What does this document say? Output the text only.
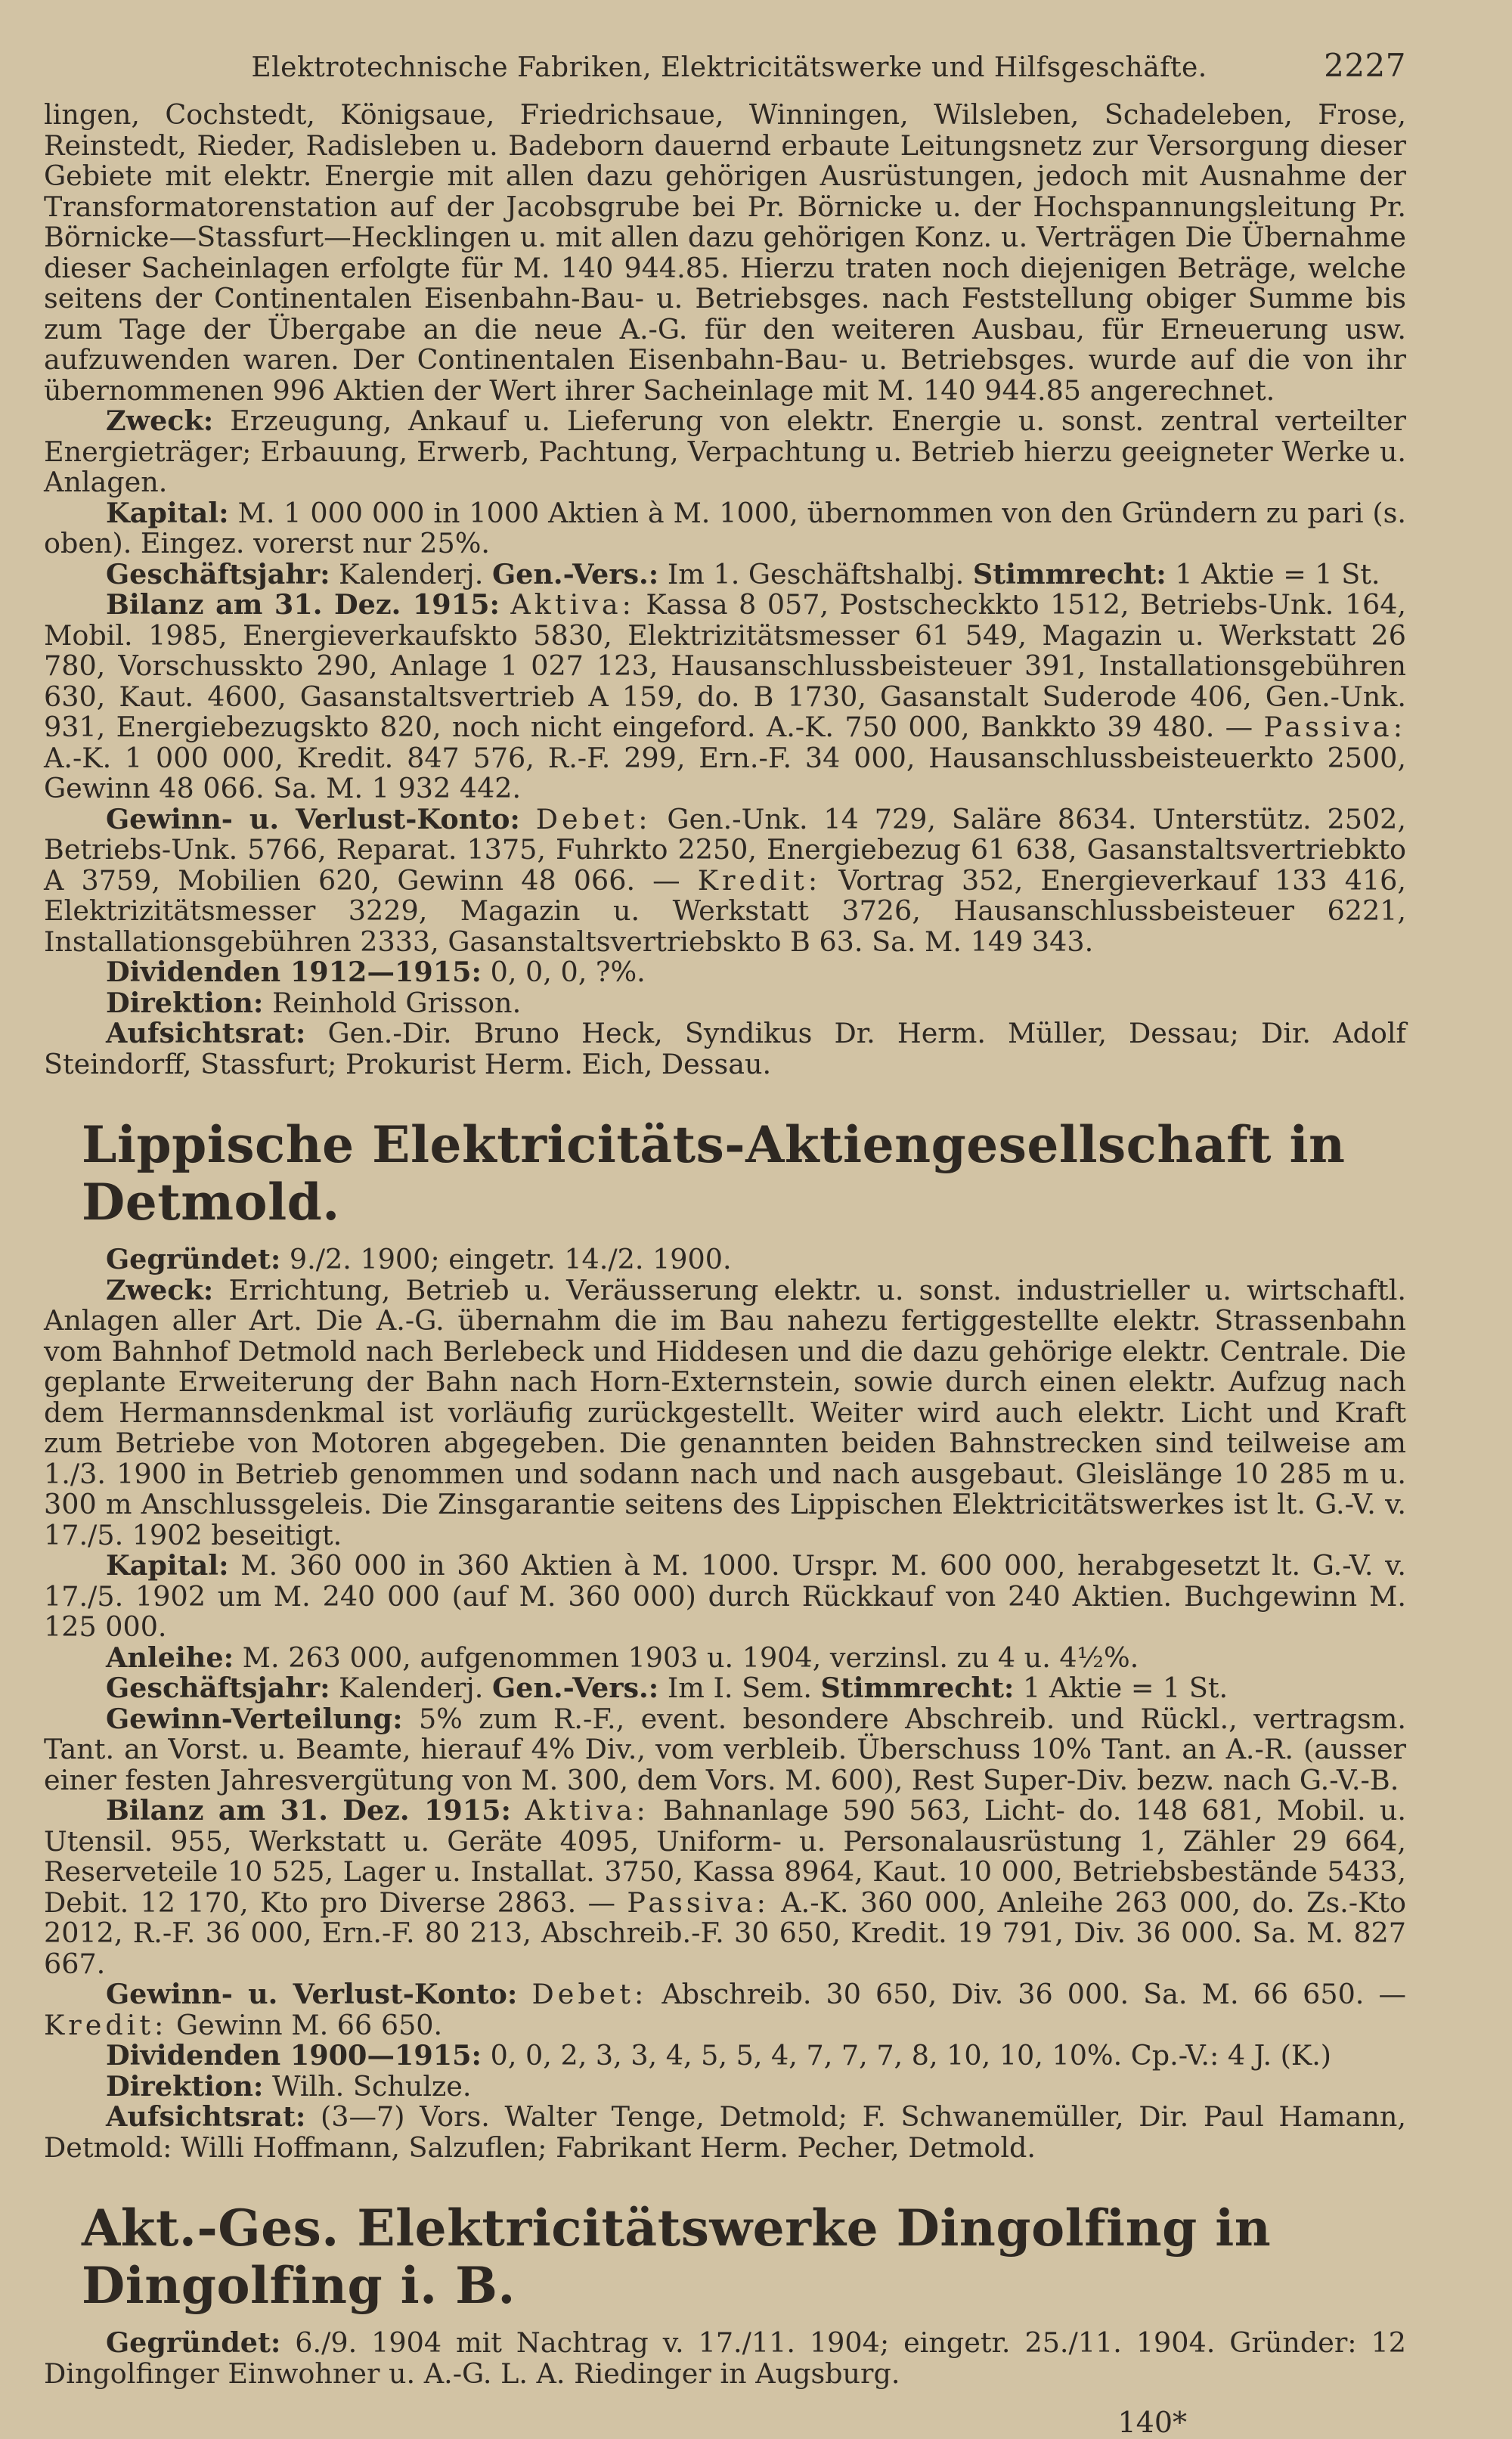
Elektrotechnische Fabriken, Elektricitätswerke und Hilfsgeschäfte.	2227

lingen, Cochstedt, Königsaue, Friedrichsaue, Winningen, Wilsleben, Schadeleben, Frose, Reinstedt, Rieder, Radisleben u. Badeborn dauernd erbaute Leitungsnetz zur Versorgung dieser Gebiete mit elektr. Energie mit allen dazu gehörigen Ausrüstungen, jedoch mit Ausnahme der Transformatorenstation auf der Jacobsgrube bei Pr. Börnicke u. der Hochspannungsleitung Pr. Börnicke—Stassfurt—Hecklingen u. mit allen dazu gehörigen Konz. u. Verträgen Die Übernahme dieser Sacheinlagen erfolgte für M. 140 944.85. Hierzu traten noch diejenigen Beträge, welche seitens der Continentalen Eisenbahn-Bau- u. Betriebsges. nach Feststellung obiger Summe bis zum Tage der Übergabe an die neue A.-G. für den weiteren Ausbau, für Erneuerung usw. aufzuwenden waren. Der Continentalen Eisenbahn-Bau- u. Betriebsges. wurde auf die von ihr übernommenen 996 Aktien der Wert ihrer Sacheinlage mit M. 140 944.85 angerechnet.

Zweck: Erzeugung, Ankauf u. Lieferung von elektr. Energie u. sonst. zentral verteilter Energieträger; Erbauung, Erwerb, Pachtung, Verpachtung u. Betrieb hierzu geeigneter Werke u. Anlagen.

Kapital: M. 1 000 000 in 1000 Aktien à M. 1000, übernommen von den Gründern zu pari (s. oben). Eingez. vorerst nur 25%.

Geschäftsjahr: Kalenderj. Gen.-Vers.: Im 1. Geschäftshalbj. Stimmrecht: 1 Aktie = 1 St.

Bilanz am 31. Dez. 1915: Aktiva: Kassa 8 057, Postscheckkto 1512, Betriebs-Unk. 164, Mobil. 1985, Energieverkaufskto 5830, Elektrizitätsmesser 61 549, Magazin u. Werkstatt 26 780, Vorschusskto 290, Anlage 1 027 123, Hausanschlussbeisteuer 391, Installationsgebühren 630, Kaut. 4600, Gasanstaltsvertrieb A 159, do. B 1730, Gasanstalt Suderode 406, Gen.-Unk. 931, Energiebezugskto 820, noch nicht eingeford. A.-K. 750 000, Bankkto 39 480. — Passiva: A.-K. 1 000 000, Kredit. 847 576, R.-F. 299, Ern.-F. 34 000, Hausanschlussbeisteuerkto 2500, Gewinn 48 066. Sa. M. 1 932 442.

Gewinn- u. Verlust-Konto: Debet: Gen.-Unk. 14 729, Saläre 8634. Unterstütz. 2502, Betriebs-Unk. 5766, Reparat. 1375, Fuhrkto 2250, Energiebezug 61 638, Gasanstaltsvertriebkto A 3759, Mobilien 620, Gewinn 48 066. — Kredit: Vortrag 352, Energieverkauf 133 416, Elektrizitätsmesser 3229, Magazin u. Werkstatt 3726, Hausanschlussbeisteuer 6221, Installationsgebühren 2333, Gasanstaltsvertriebskto B 63. Sa. M. 149 343.

Dividenden 1912—1915: 0, 0, 0, ?%.

Direktion: Reinhold Grisson.

Aufsichtsrat: Gen.-Dir. Bruno Heck, Syndikus Dr. Herm. Müller, Dessau; Dir. Adolf Steindorff, Stassfurt; Prokurist Herm. Eich, Dessau.

Lippische Elektricitäts-Aktiengesellschaft in Detmold.

Gegründet: 9./2. 1900; eingetr. 14./2. 1900.

Zweck: Errichtung, Betrieb u. Veräusserung elektr. u. sonst. industrieller u. wirtschaftl. Anlagen aller Art. Die A.-G. übernahm die im Bau nahezu fertiggestellte elektr. Strassenbahn vom Bahnhof Detmold nach Berlebeck und Hiddesen und die dazu gehörige elektr. Centrale. Die geplante Erweiterung der Bahn nach Horn-Externstein, sowie durch einen elektr. Aufzug nach dem Hermannsdenkmal ist vorläufig zurückgestellt. Weiter wird auch elektr. Licht und Kraft zum Betriebe von Motoren abgegeben. Die genannten beiden Bahnstrecken sind teilweise am 1./3. 1900 in Betrieb genommen und sodann nach und nach ausgebaut. Gleislänge 10 285 m u. 300 m Anschlussgeleis. Die Zinsgarantie seitens des Lippischen Elektricitätswerkes ist lt. G.-V. v. 17./5. 1902 beseitigt.

Kapital: M. 360 000 in 360 Aktien à M. 1000. Urspr. M. 600 000, herabgesetzt lt. G.-V. v. 17./5. 1902 um M. 240 000 (auf M. 360 000) durch Rückkauf von 240 Aktien. Buchgewinn M. 125 000.

Anleihe: M. 263 000, aufgenommen 1903 u. 1904, verzinsl. zu 4 u. 4½%.

Geschäftsjahr: Kalenderj. Gen.-Vers.: Im I. Sem. Stimmrecht: 1 Aktie = 1 St.

Gewinn-Verteilung: 5% zum R.-F., event. besondere Abschreib. und Rückl., vertragsm. Tant. an Vorst. u. Beamte, hierauf 4% Div., vom verbleib. Überschuss 10% Tant. an A.-R. (ausser einer festen Jahresvergütung von M. 300, dem Vors. M. 600), Rest Super-Div. bezw. nach G.-V.-B.

Bilanz am 31. Dez. 1915: Aktiva: Bahnanlage 590 563, Licht- do. 148 681, Mobil. u. Utensil. 955, Werkstatt u. Geräte 4095, Uniform- u. Personalausrüstung 1, Zähler 29 664, Reserveteile 10 525, Lager u. Installat. 3750, Kassa 8964, Kaut. 10 000, Betriebsbestände 5433, Debit. 12 170, Kto pro Diverse 2863. — Passiva: A.-K. 360 000, Anleihe 263 000, do. Zs.-Kto 2012, R.-F. 36 000, Ern.-F. 80 213, Abschreib.-F. 30 650, Kredit. 19 791, Div. 36 000. Sa. M. 827 667.

Gewinn- u. Verlust-Konto: Debet: Abschreib. 30 650, Div. 36 000. Sa. M. 66 650. — Kredit: Gewinn M. 66 650.

Dividenden 1900—1915: 0, 0, 2, 3, 3, 4, 5, 5, 4, 7, 7, 7, 8, 10, 10, 10%. Cp.-V.: 4 J. (K.)

Direktion: Wilh. Schulze.

Aufsichtsrat: (3—7) Vors. Walter Tenge, Detmold; F. Schwanemüller, Dir. Paul Hamann, Detmold: Willi Hoffmann, Salzuflen; Fabrikant Herm. Pecher, Detmold.

Akt.-Ges. Elektricitätswerke Dingolfing in Dingolfing i. B.

Gegründet: 6./9. 1904 mit Nachtrag v. 17./11. 1904; eingetr. 25./11. 1904. Gründer: 12 Dingolfinger Einwohner u. A.-G. L. A. Riedinger in Augsburg.

140*
